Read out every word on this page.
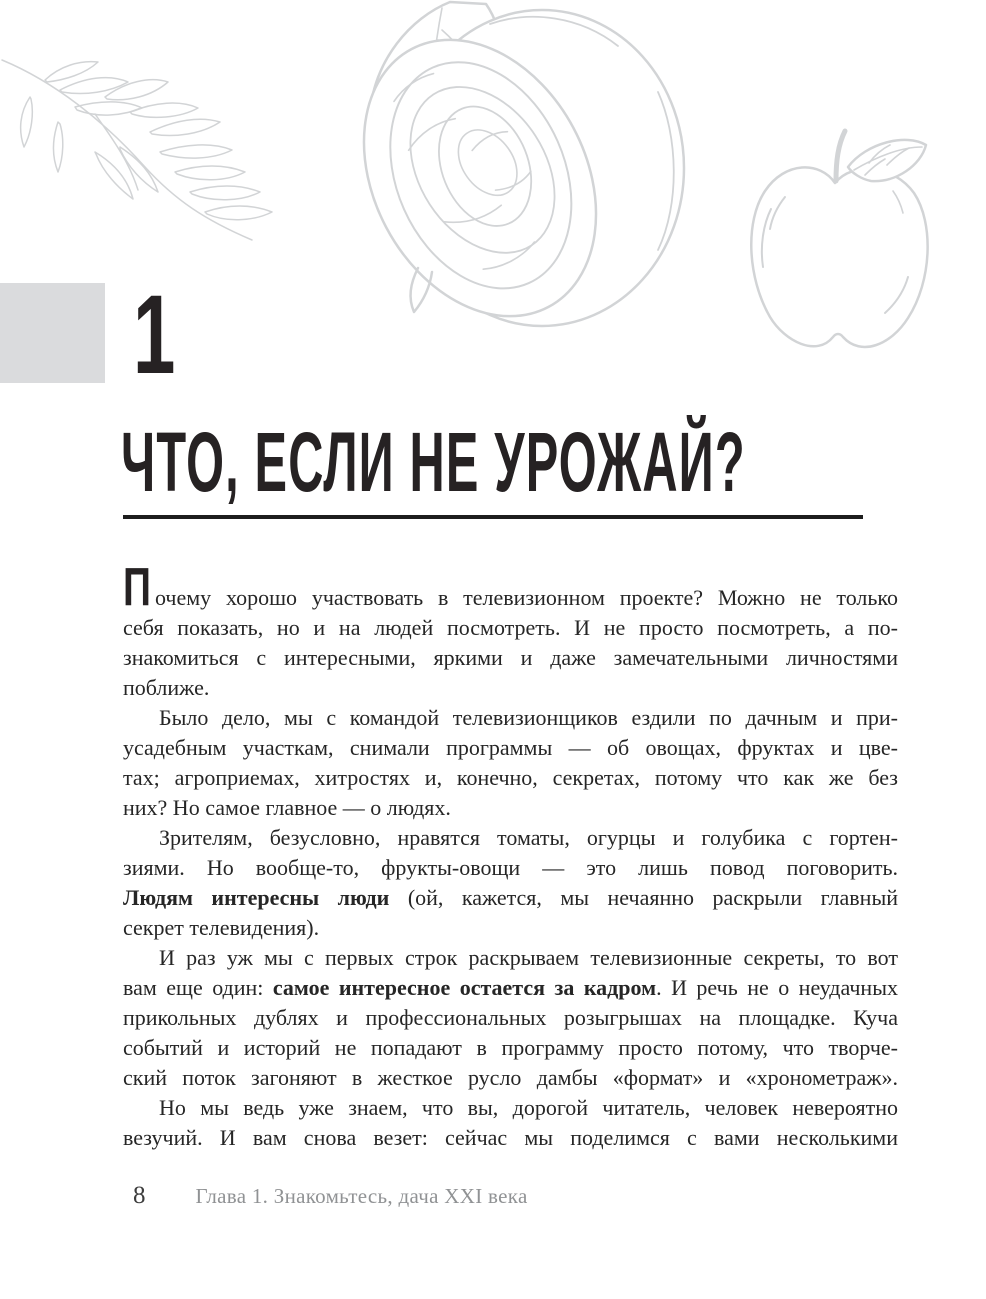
1
ЧТО, ЕСЛИ НЕ УРОЖАЙ?
П очему хорошо участвовать в телевизионном проекте? Можно не только
себя показать, но и на людей посмотреть. И не просто посмотреть, а по-
знакомиться с интересными, яркими и даже замечательными личностями
поближе.
Было дело, мы с командой телевизионщиков ездили по дачным и при-
усадебным участкам, снимали программы — об овощах, фруктах и цве-
тах; агроприемах, хитростях и, конечно, секретах, потому что как же без
них? Но самое главное — о людях.
Зрителям, безусловно, нравятся томаты, огурцы и голубика с гортен-
зиями. Но вообще-то, фрукты-овощи — это лишь повод поговорить.
Людям интересны люди (ой, кажется, мы нечаянно раскрыли главный
секрет телевидения).
И раз уж мы с первых строк раскрываем телевизионные секреты, то вот
вам еще один: самое интересное остается за кадром. И речь не о неудачных
прикольных дублях и профессиональных розыгрышах на площадке. Куча
событий и историй не попадают в программу просто потому, что творче-
ский поток загоняют в жесткое русло дамбы «формат» и «хронометраж».
Но мы ведь уже знаем, что вы, дорогой читатель, человек невероятно
везучий. И вам снова везет: сейчас мы поделимся с вами несколькими
8 Глава 1. Знакомьтесь, дача XXI века
